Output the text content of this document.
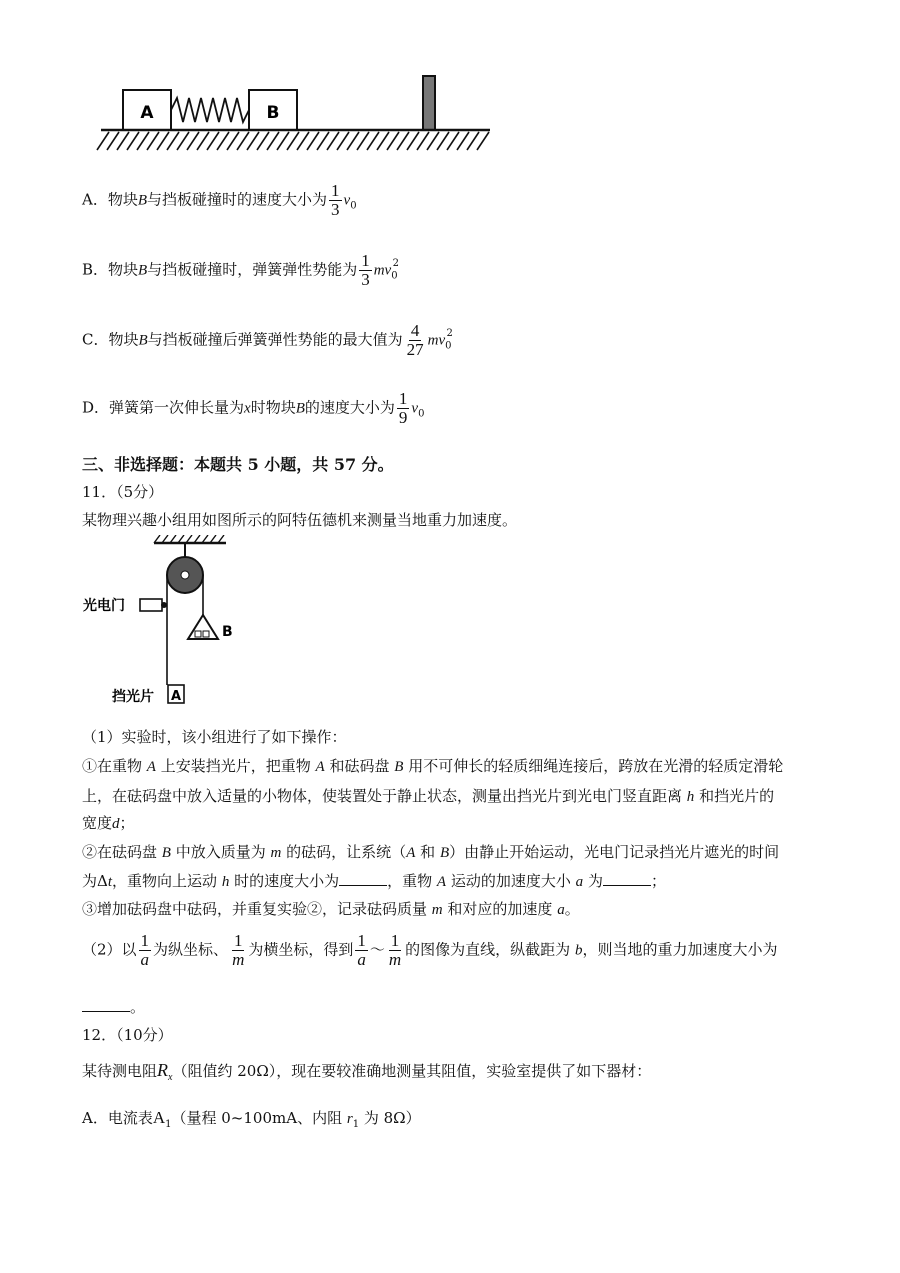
A	B
A．物块B与挡板碰撞时的速度大小为 $\frac{1}{3} v_0$
B．物块B与挡板碰撞时，弹簧弹性势能为 $\frac{1}{3} mv_0^2$
C．物块B与挡板碰撞后弹簧弹性势能的最大值为 $\frac{4}{27} mv_0^2$
D．弹簧第一次伸长量为x时物块B的速度大小为 $\frac{1}{9} v_0$
三、非选择题：本题共 5 小题，共 57 分。
11．（5分）
某物理兴趣小组用如图所示的阿特伍德机来测量当地重力加速度。
B
光电门
A
挡光片
（1）实验时，该小组进行了如下操作：
①在重物 A 上安装挡光片，把重物 A 和砝码盘 B 用不可伸长的轻质细绳连接后，跨放在光滑的轻质定滑轮
上，在砝码盘中放入适量的小物体，使装置处于静止状态，测量出挡光片到光电门竖直距离 h 和挡光片的
宽度d；
②在砝码盘 B 中放入质量为 m 的砝码，让系统（A 和 B）由静止开始运动，光电门记录挡光片遮光的时间
为Δt，重物向上运动 h 时的速度大小为	，重物 A 运动的加速度大小 a 为	；
③增加砝码盘中砝码，并重复实验②，记录砝码质量 m 和对应的加速度 a。
（2）以 $\frac{1}{a}$ 为纵坐标、 $\frac{1}{m}$ 为横坐标，得到 $\frac{1}{a}$ ～ $\frac{1}{m}$ 的图像为直线，纵截距为 b，则当地的重力加速度大小为
。
12．（10分）
某待测电阻$R_x$（阻值约 20Ω），现在要较准确地测量其阻值，实验室提供了如下器材：
A．电流表$A_1$（量程 0~100mA、内阻 $r_1$ 为 8Ω）
